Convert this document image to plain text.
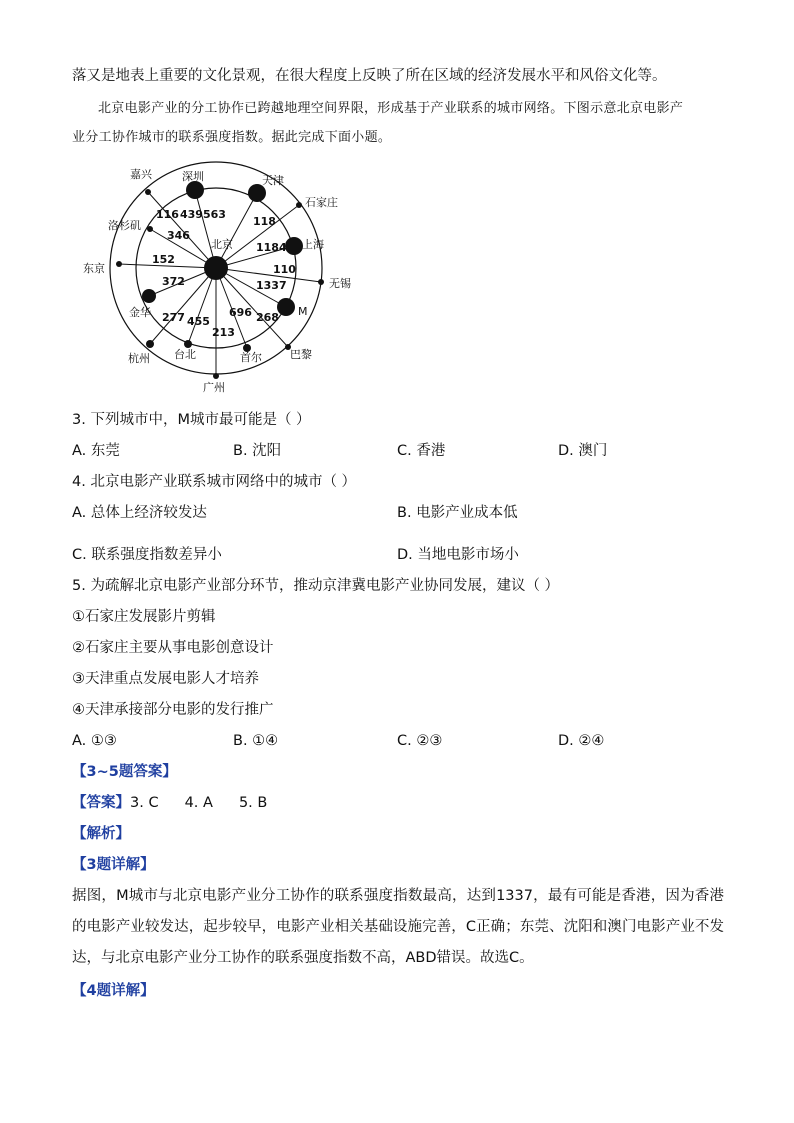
落又是地表上重要的文化景观，在很大程度上反映了所在区域的经济发展水平和风俗文化等。
北京电影产业的分工协作已跨越地理空间界限，形成基于产业联系的城市网络。下图示意北京电影产
业分工协作城市的联系强度指数。据此完成下面小题。
嘉兴
116
深圳
439
天津
563
石家庄
118
上海
1184
无锡
110
M
1337
巴黎
268
首尔
696
广州
213
台北
455
杭州
277
金华
372
东京
152
洛杉矶
346
北京
3. 下列城市中，M城市最可能是（ ）
A. 东莞	B. 沈阳	C. 香港	D. 澳门
4. 北京电影产业联系城市网络中的城市（ ）
A. 总体上经济较发达	B. 电影产业成本低
C. 联系强度指数差异小	D. 当地电影市场小
5. 为疏解北京电影产业部分环节，推动京津冀电影产业协同发展，建议（ ）
①石家庄发展影片剪辑
②石家庄主要从事电影创意设计
③天津重点发展电影人才培养
④天津承接部分电影的发行推广
A. ①③	B. ①④	C. ②③	D. ②④
【3~5题答案】
【答案】3. C 4. A 5. B
【解析】
【3题详解】
据图，M城市与北京电影产业分工协作的联系强度指数最高，达到1337，最有可能是香港，因为香港的电影产业较发达，起步较早，电影产业相关基础设施完善，C正确；东莞、沈阳和澳门电影产业不发达，与北京电影产业分工协作的联系强度指数不高，ABD错误。故选C。
【4题详解】
